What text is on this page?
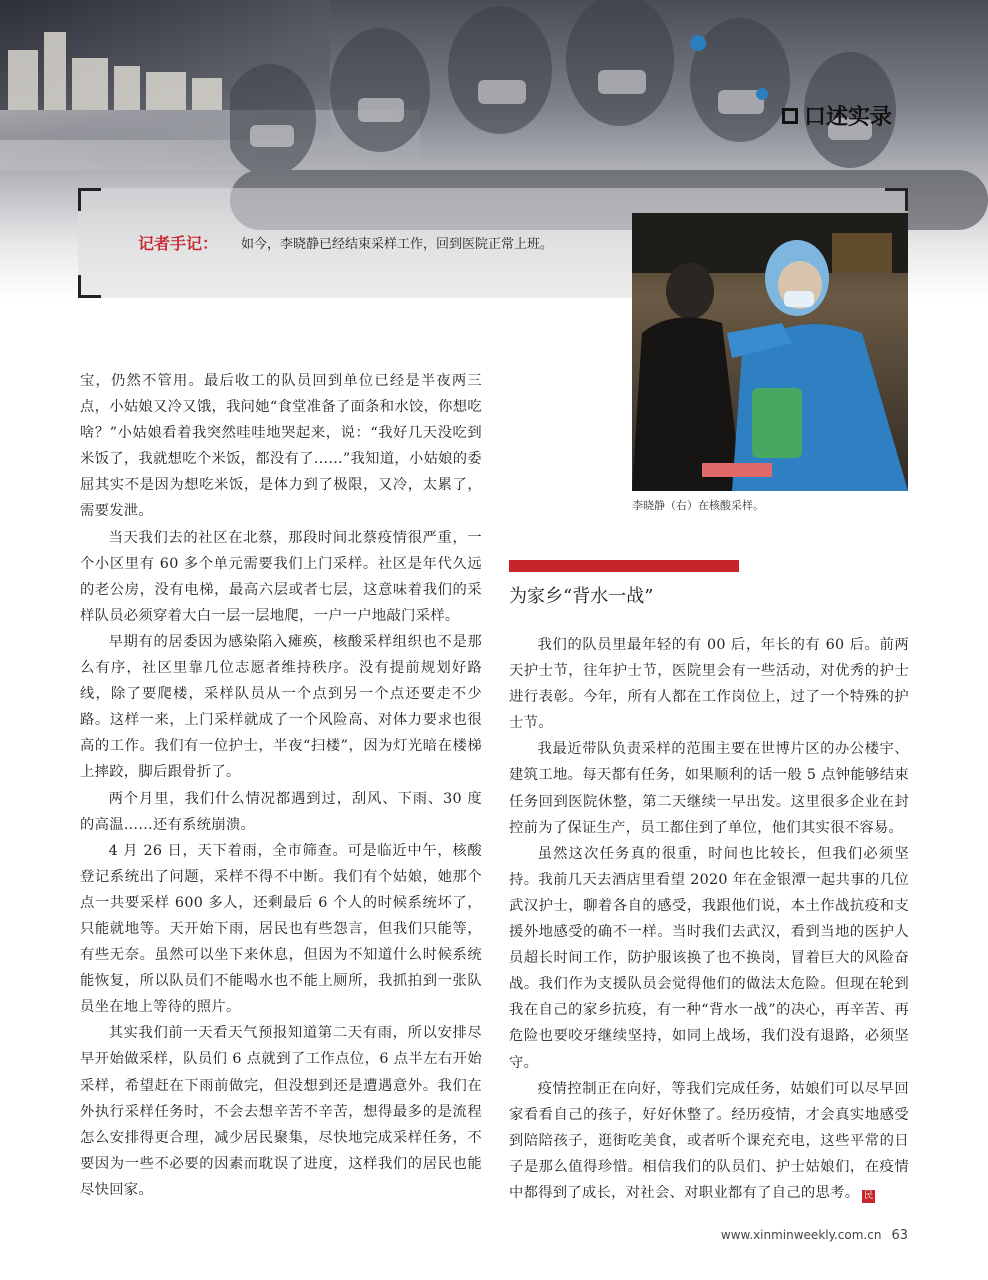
口述实录
记者手记： 如今，李晓静已经结束采样工作，回到医院正常上班。
李晓静（右）在核酸采样。

宝，仍然不管用。最后收工的队员回到单位已经是半夜两三点，小姑娘又冷又饿，我问她“食堂准备了面条和水饺，你想吃啥？”小姑娘看着我突然哇哇地哭起来，说：“我好几天没吃到米饭了，我就想吃个米饭，都没有了……”我知道，小姑娘的委屈其实不是因为想吃米饭，是体力到了极限，又冷，太累了，需要发泄。

当天我们去的社区在北蔡，那段时间北蔡疫情很严重，一个小区里有 60 多个单元需要我们上门采样。社区是年代久远的老公房，没有电梯，最高六层或者七层，这意味着我们的采样队员必须穿着大白一层一层地爬，一户一户地敲门采样。

早期有的居委因为感染陷入瘫痪，核酸采样组织也不是那么有序，社区里靠几位志愿者维持秩序。没有提前规划好路线，除了要爬楼，采样队员从一个点到另一个点还要走不少路。这样一来，上门采样就成了一个风险高、对体力要求也很高的工作。我们有一位护士，半夜“扫楼”，因为灯光暗在楼梯上摔跤，脚后跟骨折了。

两个月里，我们什么情况都遇到过，刮风、下雨、30 度的高温……还有系统崩溃。

4 月 26 日，天下着雨，全市筛查。可是临近中午，核酸登记系统出了问题，采样不得不中断。我们有个姑娘，她那个点一共要采样 600 多人，还剩最后 6 个人的时候系统坏了，只能就地等。天开始下雨，居民也有些怨言，但我们只能等，有些无奈。虽然可以坐下来休息，但因为不知道什么时候系统能恢复，所以队员们不能喝水也不能上厕所，我抓拍到一张队员坐在地上等待的照片。

其实我们前一天看天气预报知道第二天有雨，所以安排尽早开始做采样，队员们 6 点就到了工作点位，6 点半左右开始采样，希望赶在下雨前做完，但没想到还是遭遇意外。我们在外执行采样任务时，不会去想辛苦不辛苦，想得最多的是流程怎么安排得更合理，减少居民聚集，尽快地完成采样任务，不要因为一些不必要的因素而耽误了进度，这样我们的居民也能尽快回家。

为家乡“背水一战”

我们的队员里最年轻的有 00 后，年长的有 60 后。前两天护士节，往年护士节，医院里会有一些活动，对优秀的护士进行表彰。今年，所有人都在工作岗位上，过了一个特殊的护士节。

我最近带队负责采样的范围主要在世博片区的办公楼宇、建筑工地。每天都有任务，如果顺利的话一般 5 点钟能够结束任务回到医院休整，第二天继续一早出发。这里很多企业在封控前为了保证生产，员工都住到了单位，他们其实很不容易。

虽然这次任务真的很重，时间也比较长，但我们必须坚持。我前几天去酒店里看望 2020 年在金银潭一起共事的几位武汉护士，聊着各自的感受，我跟他们说，本土作战抗疫和支援外地感受的确不一样。当时我们去武汉，看到当地的医护人员超长时间工作，防护服该换了也不换岗，冒着巨大的风险奋战。我们作为支援队员会觉得他们的做法太危险。但现在轮到我在自己的家乡抗疫，有一种“背水一战”的决心，再辛苦、再危险也要咬牙继续坚持，如同上战场，我们没有退路，必须坚守。

疫情控制正在向好，等我们完成任务，姑娘们可以尽早回家看看自己的孩子，好好休整了。经历疫情，才会真实地感受到陪陪孩子，逛街吃美食，或者听个课充充电，这些平常的日子是那么值得珍惜。相信我们的队员们、护士姑娘们，在疫情中都得到了成长，对社会、对职业都有了自己的思考。 民

www.xinminweekly.com.cn 63
